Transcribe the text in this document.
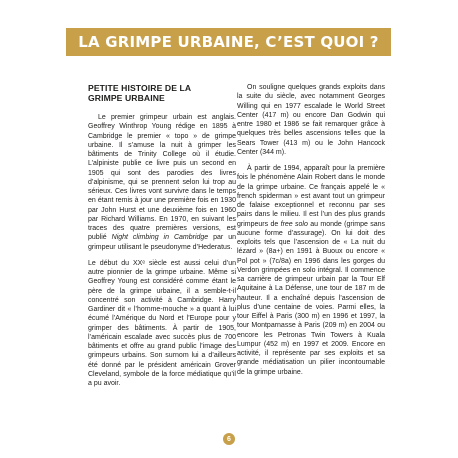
LA GRIMPE URBAINE, C’EST QUOI ?
PETITE HISTOIRE DE LA
GRIMPE URBAINE

Le premier grimpeur urbain est anglais. Geoffrey Winthrop Young rédige en 1895 à Cambridge le premier « topo » de grimpe urbaine. Il s’amuse la nuit à grimper les bâtiments de Trinity College où il étudie. L’alpiniste publie ce livre puis un second en 1905 qui sont des parodies des livres d’alpinisme, qui se prennent selon lui trop au sérieux. Ces livres vont survivre dans le temps en étant remis à jour une première fois en 1930 par John Hurst et une deuxième fois en 1960 par Richard Williams. En 1970, en suivant les traces des quatre premières versions, est publié Night climbing in Cambridge par un grimpeur utilisant le pseudonyme d’Hederatus.

Le début du XXᵉ siècle est aussi celui d’un autre pionnier de la grimpe urbaine. Même si Geoffrey Young est considéré comme étant le père de la grimpe urbaine, il a semble-t-il concentré son activité à Cambridge. Harry Gardiner dit « l’homme-mouche » a quant à lui écumé l’Amérique du Nord et l’Europe pour y grimper des bâtiments. À partir de 1905, l’américain escalade avec succès plus de 700 bâtiments et offre au grand public l’image des grimpeurs urbains. Son surnom lui a d’ailleurs été donné par le président américain Grover Cleveland, symbole de la force médiatique qu’il a pu avoir.

On souligne quelques grands exploits dans la suite du siècle, avec notamment Georges Willing qui en 1977 escalade le World Street Center (417 m) ou encore Dan Godwin qui entre 1980 et 1986 se fait remarquer grâce à quelques très belles ascensions telles que la Sears Tower (413 m) ou le John Hancock Center (344 m).

À partir de 1994, apparaît pour la première fois le phénomène Alain Robert dans le monde de la grimpe urbaine. Ce français appelé le « french spiderman » est avant tout un grimpeur de falaise exceptionnel et reconnu par ses pairs dans le milieu. Il est l’un des plus grands grimpeurs de free solo au monde (grimpe sans aucune forme d’assurage). On lui doit des exploits tels que l’ascension de « La nuit du lézard » (8a+) en 1991 à Buoux ou encore « Pol pot » (7c/8a) en 1996 dans les gorges du Verdon grimpées en solo intégral. Il commence sa carrière de grimpeur urbain par la Tour Elf Aquitaine à La Défense, une tour de 187 m de hauteur. Il a enchaîné depuis l’ascension de plus d’une centaine de voies. Parmi elles, la tour Eiffel à Paris (300 m) en 1996 et 1997, la tour Montparnasse à Paris (209 m) en 2004 ou encore les Petronas Twin Towers à Kuala Lumpur (452 m) en 1997 et 2009. Encore en activité, il représente par ses exploits et sa grande médiatisation un pilier incontournable de la grimpe urbaine.

6
